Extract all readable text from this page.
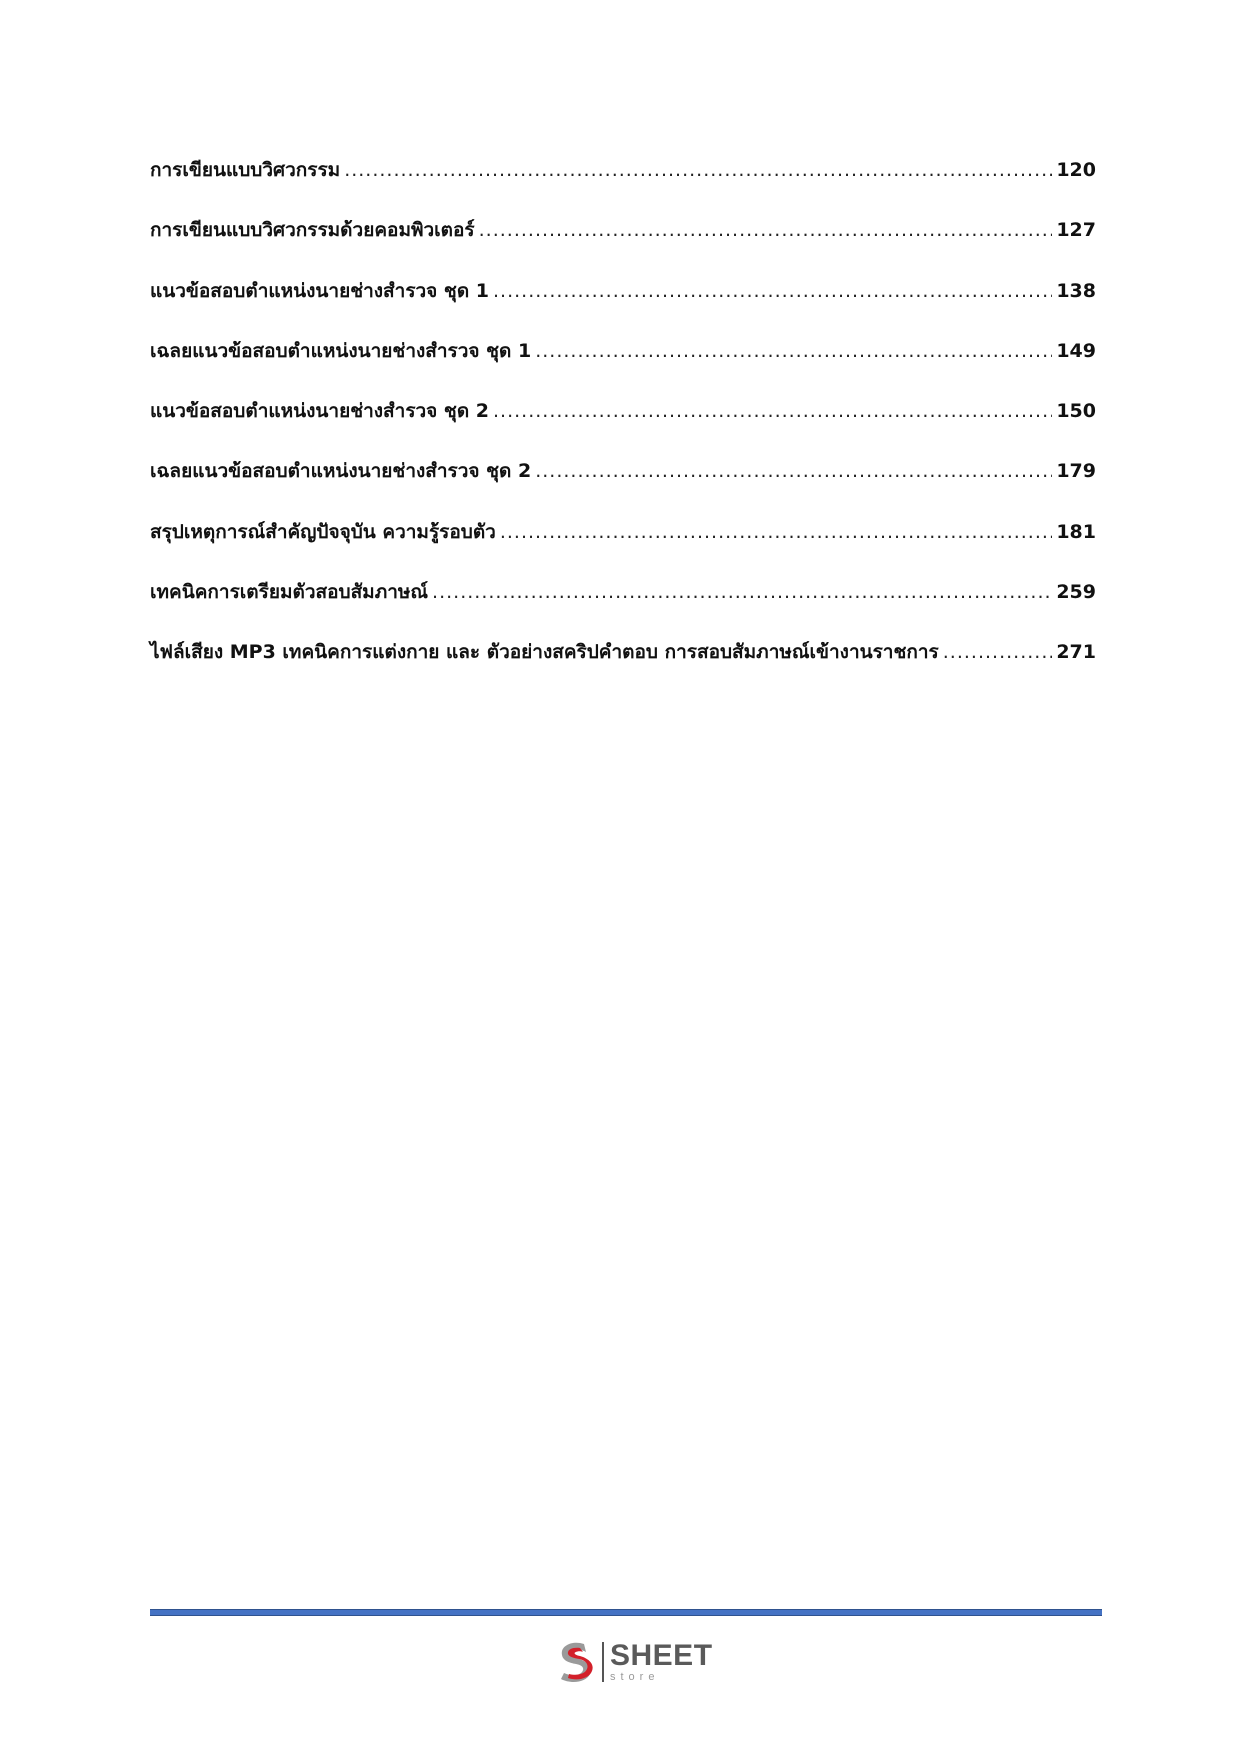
การเขียนแบบวิศวกรรม .....	120
การเขียนแบบวิศวกรรมด้วยคอมพิวเตอร์ .....	127
แนวข้อสอบตำแหน่งนายช่างสำรวจ ชุด 1 .....	138
เฉลยแนวข้อสอบตำแหน่งนายช่างสำรวจ ชุด 1 .....	149
แนวข้อสอบตำแหน่งนายช่างสำรวจ ชุด 2 .....	150
เฉลยแนวข้อสอบตำแหน่งนายช่างสำรวจ ชุด 2 .....	179
สรุปเหตุการณ์สำคัญปัจจุบัน ความรู้รอบตัว .....	181
เทคนิคการเตรียมตัวสอบสัมภาษณ์ .....	259
ไฟล์เสียง MP3 เทคนิคการแต่งกาย และ ตัวอย่างสคริปคำตอบ การสอบสัมภาษณ์เข้างานราชการ .....	271
SHEET
store
